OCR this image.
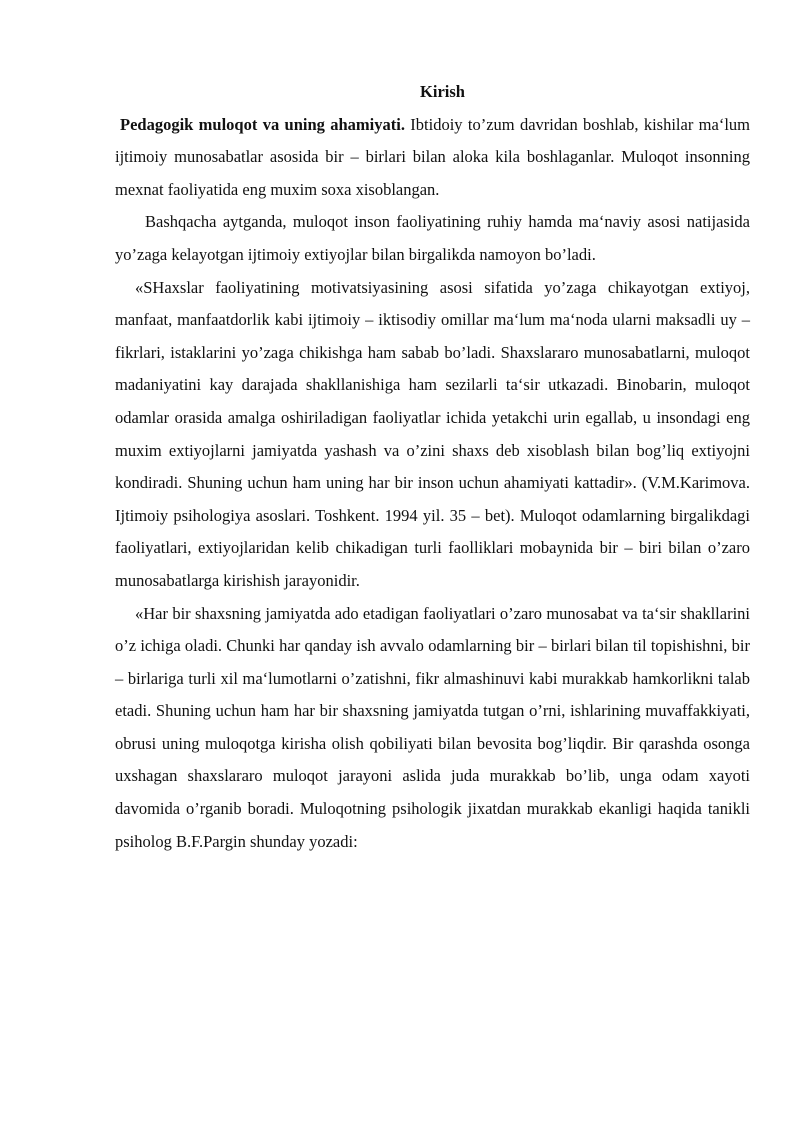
Kirish

Pedagogik muloqot va uning ahamiyati. Ibtidoiy to’zum davridan boshlab, kishilar ma‘lum ijtimoiy munosabatlar asosida bir – birlari bilan aloka kila boshlaganlar. Muloqot insonning mexnat faoliyatida eng muxim soxa xisoblangan.

Bashqacha aytganda, muloqot inson faoliyatining ruhiy hamda ma‘naviy asosi natijasida yo’zaga kelayotgan ijtimoiy extiyojlar bilan birgalikda namoyon bo’ladi.

«SHaxslar faoliyatining motivatsiyasining asosi sifatida yo’zaga chikayotgan extiyoj, manfaat, manfaatdorlik kabi ijtimoiy – iktisodiy omillar ma‘lum ma‘noda ularni maksadli uy – fikrlari, istaklarini yo’zaga chikishga ham sabab bo’ladi. Shaxslararo munosabatlarni, muloqot madaniyatini kay darajada shakllanishiga ham sezilarli ta‘sir utkazadi. Binobarin, muloqot odamlar orasida amalga oshiriladigan faoliyatlar ichida yetakchi urin egallab, u insondagi eng muxim extiyojlarni jamiyatda yashash va o’zini shaxs deb xisoblash bilan bog’liq extiyojni kondiradi. Shuning uchun ham uning har bir inson uchun ahamiyati kattadir». (V.M.Karimova. Ijtimoiy psihologiya asoslari. Toshkent. 1994 yil. 35 – bet). Muloqot odamlarning birgalikdagi faoliyatlari, extiyojlaridan kelib chikadigan turli faolliklari mobaynida bir – biri bilan o’zaro munosabatlarga kirishish jarayonidir.

«Har bir shaxsning jamiyatda ado etadigan faoliyatlari o’zaro munosabat va ta‘sir shakllarini o’z ichiga oladi. Chunki har qanday ish avvalo odamlarning bir – birlari bilan til topishishni, bir – birlariga turli xil ma‘lumotlarni o’zatishni, fikr almashinuvi kabi murakkab hamkorlikni talab etadi. Shuning uchun ham har bir shaxsning jamiyatda tutgan o’rni, ishlarining muvaffakkiyati, obrusi uning muloqotga kirisha olish qobiliyati bilan bevosita bog’liqdir. Bir qarashda osonga uxshagan shaxslararo muloqot jarayoni aslida juda murakkab bo’lib, unga odam xayoti davomida o’rganib boradi. Muloqotning psihologik jixatdan murakkab ekanligi haqida tanikli psiholog B.F.Pargin shunday yozadi:
